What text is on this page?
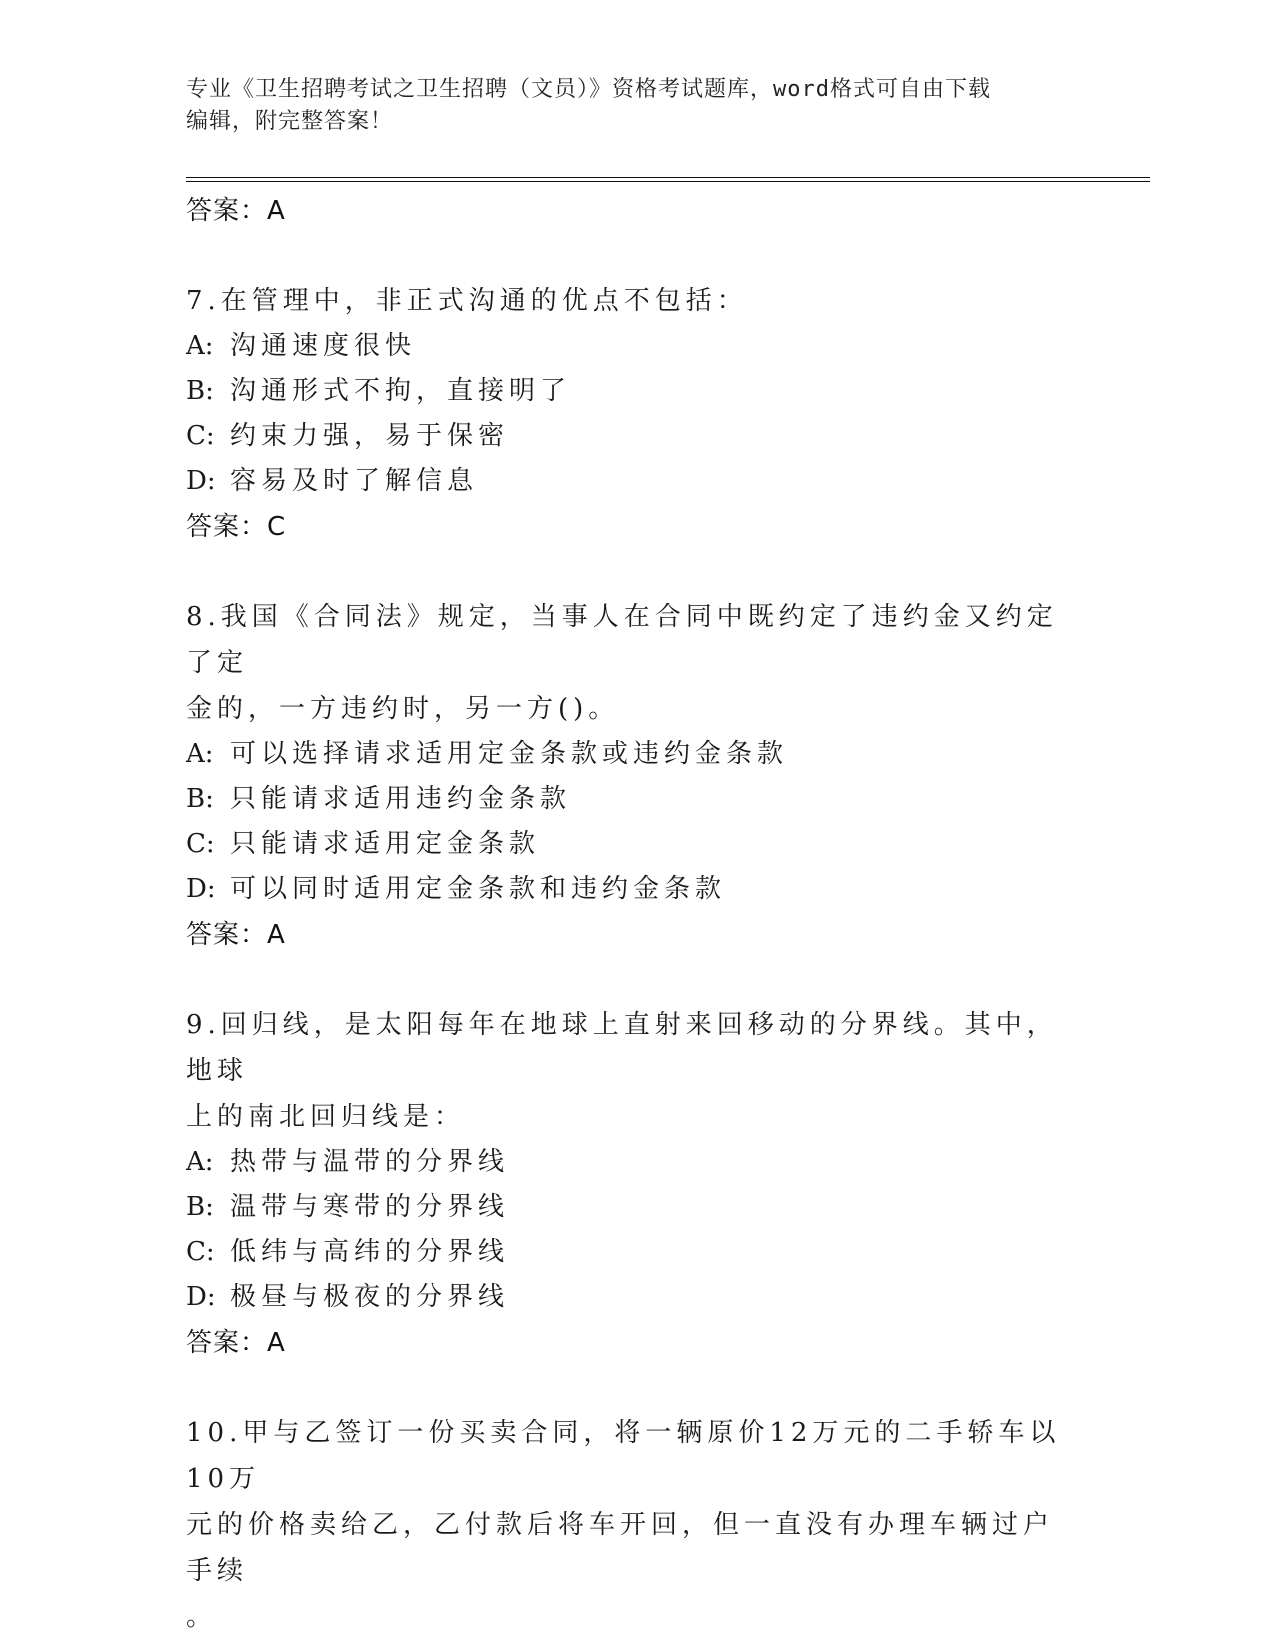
专业《卫生招聘考试之卫生招聘（文员）》资格考试题库，word格式可自由下载
编辑，附完整答案！
答案：A
7.在管理中，非正式沟通的优点不包括：
A: 沟通速度很快
B: 沟通形式不拘，直接明了
C: 约束力强，易于保密
D: 容易及时了解信息
答案：C
8.我国《合同法》规定，当事人在合同中既约定了违约金又约定了定
金的，一方违约时，另一方()。
A: 可以选择请求适用定金条款或违约金条款
B: 只能请求适用违约金条款
C: 只能请求适用定金条款
D: 可以同时适用定金条款和违约金条款
答案：A
9.回归线，是太阳每年在地球上直射来回移动的分界线。其中，地球
上的南北回归线是：
A: 热带与温带的分界线
B: 温带与寒带的分界线
C: 低纬与高纬的分界线
D: 极昼与极夜的分界线
答案：A
10.甲与乙签订一份买卖合同，将一辆原价12万元的二手轿车以10万
元的价格卖给乙，乙付款后将车开回，但一直没有办理车辆过户手续
。
